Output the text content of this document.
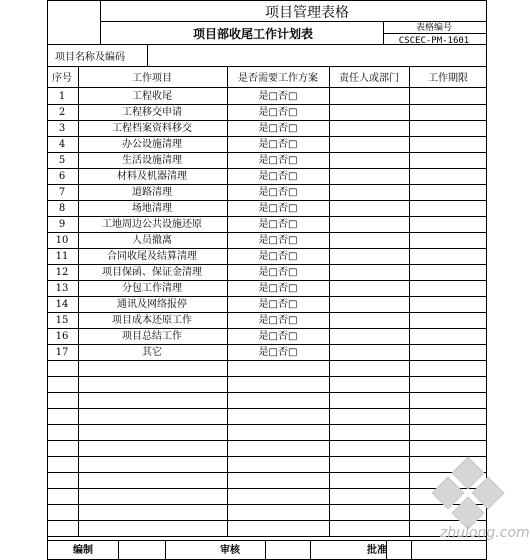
项目管理表格
项目部收尾工作计划表	表格编号
CSCEC-PM-1601
项目名称及编码
序号	工作项目	是否需要工作方案 责任人或部门	工作期限
1	工程收尾	是□否□
2	工程移交申请	是□否□
3	工程档案资料移交	是□否□
4	办公设施清理	是□否□
5	生活设施清理	是□否□
6	材料及机器清理	是□否□
7	道路清理	是□否□
8	场地清理	是□否□
9	工地周边公共设施还原	是□否□
10	人员撤离	是□否□
11	合同收尾及结算清理	是□否□
12	项目保函、保证金清理	是□否□
13	分包工作清理	是□否□
14	通讯及网络报停	是□否□
15	项目成本还原工作	是□否□
16	项目总结工作	是□否□
17	其它	是□否□
编制	审核	批准
zhulong.com
